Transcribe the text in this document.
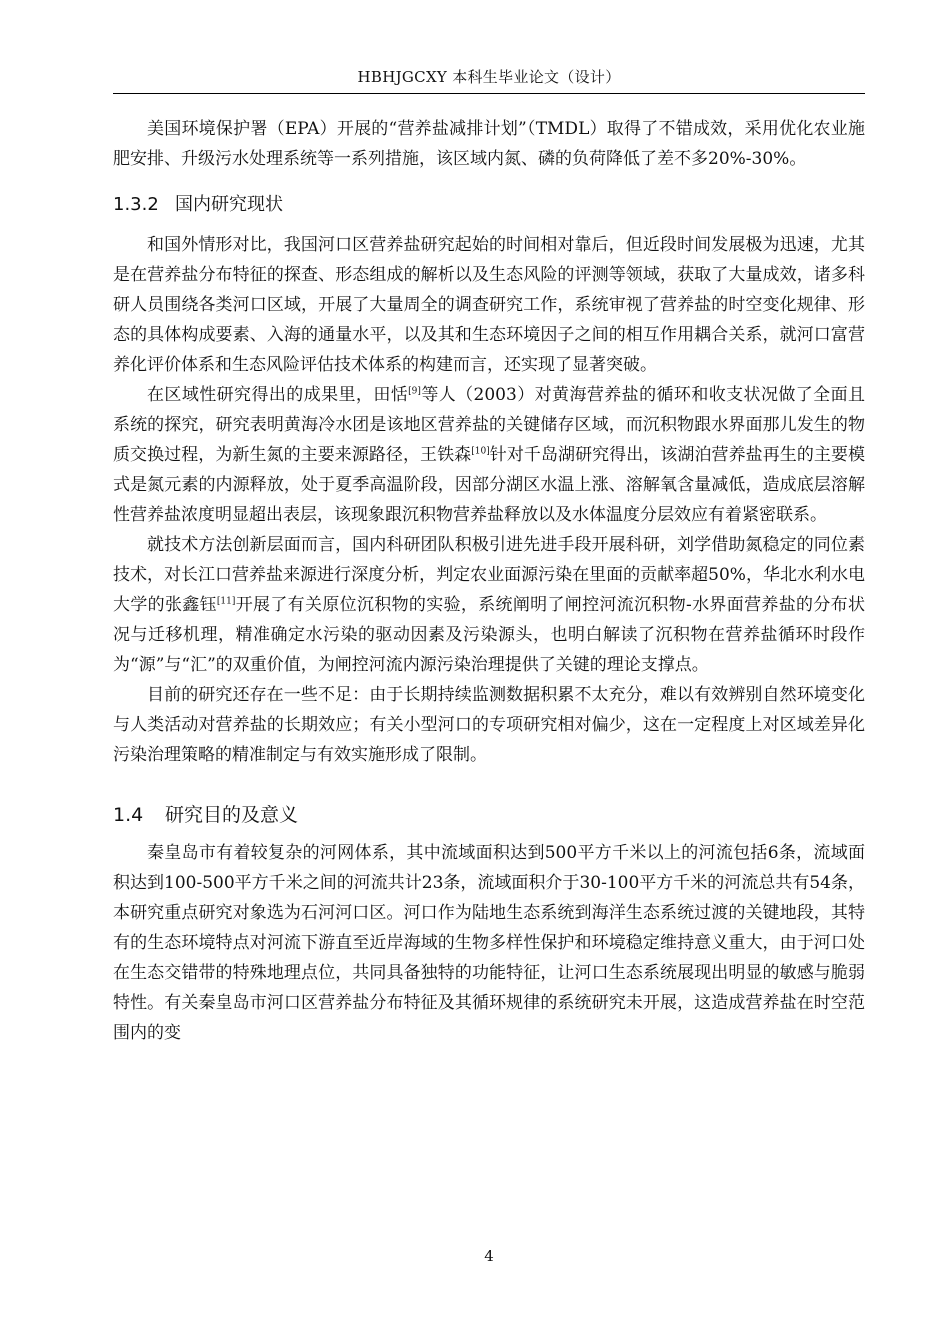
HBHJGCXY 本科生毕业论文（设计）

美国环境保护署（EPA）开展的“营养盐减排计划”（TMDL）取得了不错成效，采用优化农业施肥安排、升级污水处理系统等一系列措施，该区域内氮、磷的负荷降低了差不多20%-30%。

1.3.2 国内研究现状

和国外情形对比，我国河口区营养盐研究起始的时间相对靠后，但近段时间发展极为迅速，尤其是在营养盐分布特征的探查、形态组成的解析以及生态风险的评测等领域，获取了大量成效，诸多科研人员围绕各类河口区域，开展了大量周全的调查研究工作，系统审视了营养盐的时空变化规律、形态的具体构成要素、入海的通量水平，以及其和生态环境因子之间的相互作用耦合关系，就河口富营养化评价体系和生态风险评估技术体系的构建而言，还实现了显著突破。

在区域性研究得出的成果里，田恬[9]等人（2003）对黄海营养盐的循环和收支状况做了全面且系统的探究，研究表明黄海冷水团是该地区营养盐的关键储存区域，而沉积物跟水界面那儿发生的物质交换过程，为新生氮的主要来源路径，王铁森[10]针对千岛湖研究得出，该湖泊营养盐再生的主要模式是氮元素的内源释放，处于夏季高温阶段，因部分湖区水温上涨、溶解氧含量减低，造成底层溶解性营养盐浓度明显超出表层，该现象跟沉积物营养盐释放以及水体温度分层效应有着紧密联系。

就技术方法创新层面而言，国内科研团队积极引进先进手段开展科研，刘学借助氮稳定的同位素技术，对长江口营养盐来源进行深度分析，判定农业面源污染在里面的贡献率超50%，华北水利水电大学的张鑫钰[11]开展了有关原位沉积物的实验，系统阐明了闸控河流沉积物-水界面营养盐的分布状况与迁移机理，精准确定水污染的驱动因素及污染源头，也明白解读了沉积物在营养盐循环时段作为“源”与“汇”的双重价值，为闸控河流内源污染治理提供了关键的理论支撑点。

目前的研究还存在一些不足：由于长期持续监测数据积累不太充分，难以有效辨别自然环境变化与人类活动对营养盐的长期效应；有关小型河口的专项研究相对偏少，这在一定程度上对区域差异化污染治理策略的精准制定与有效实施形成了限制。

1.4 研究目的及意义

秦皇岛市有着较复杂的河网体系，其中流域面积达到500平方千米以上的河流包括6条，流域面积达到100-500平方千米之间的河流共计23条，流域面积介于30-100平方千米的河流总共有54条，本研究重点研究对象选为石河河口区。河口作为陆地生态系统到海洋生态系统过渡的关键地段，其特有的生态环境特点对河流下游直至近岸海域的生物多样性保护和环境稳定维持意义重大，由于河口处在生态交错带的特殊地理点位，共同具备独特的功能特征，让河口生态系统展现出明显的敏感与脆弱特性。有关秦皇岛市河口区营养盐分布特征及其循环规律的系统研究未开展，这造成营养盐在时空范围内的变

4
